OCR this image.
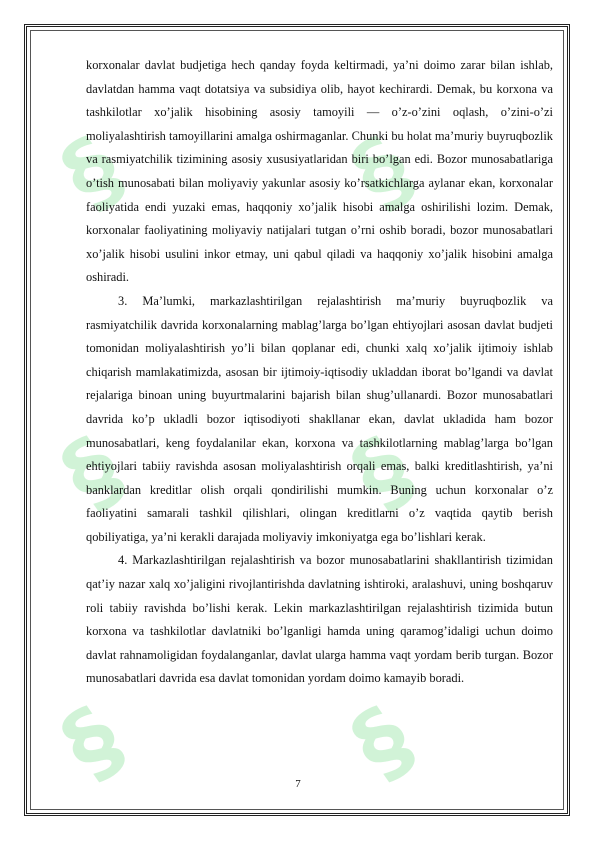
§ §
§ §
§ §

korxonalar davlat budjetiga hech qanday foyda keltirmadi, ya’ni doimo zarar bilan ishlab, davlatdan hamma vaqt dotatsiya va subsidiya olib, hayot kechirardi. Demak, bu korxona va tashkilotlar xo’jalik hisobining asosiy tamoyili — o’z-o’zini oqlash, o’zini-o’zi moliyalashtirish tamoyillarini amalga oshirmaganlar. Chunki bu holat ma’muriy buyruqbozlik va rasmiyatchilik tizimining asosiy xususiyatlaridan biri bo’lgan edi. Bozor munosabatlariga o’tish munosabati bilan moliyaviy yakunlar asosiy ko’rsatkichlarga aylanar ekan, korxonalar faoliyatida endi yuzaki emas, haqqoniy xo’jalik hisobi amalga oshirilishi lozim. Demak, korxonalar faoliyatining moliyaviy natijalari tutgan o’rni oshib boradi, bozor munosabatlari xo’jalik hisobi usulini inkor etmay, uni qabul qiladi va haqqoniy xo’jalik hisobini amalga oshiradi.

3. Ma’lumki, markazlashtirilgan rejalashtirish ma’muriy buyruqbozlik va rasmiyatchilik davrida korxonalarning mablag’larga bo’lgan ehtiyojlari asosan davlat budjeti tomonidan moliyalashtirish yo’li bilan qoplanar edi, chunki xalq xo’jalik ijtimoiy ishlab chiqarish mamlakatimizda, asosan bir ijtimoiy-iqtisodiy ukladdan iborat bo’lgandi va davlat rejalariga binoan uning buyurtmalarini bajarish bilan shug’ullanardi. Bozor munosabatlari davrida ko’p ukladli bozor iqtisodiyoti shakllanar ekan, davlat ukladida ham bozor munosabatlari, keng foydalanilar ekan, korxona va tashkilotlarning mablag’larga bo’lgan ehtiyojlari tabiiy ravishda asosan moliyalashtirish orqali emas, balki kreditlashtirish, ya’ni banklardan kreditlar olish orqali qondirilishi mumkin. Buning uchun korxonalar o’z faoliyatini samarali tashkil qilishlari, olingan kreditlarni o’z vaqtida qaytib berish qobiliyatiga, ya’ni kerakli darajada moliyaviy imkoniyatga ega bo’lishlari kerak.

4. Markazlashtirilgan rejalashtirish va bozor munosabatlarini shakllantirish tizimidan qat’iy nazar xalq xo’jaligini rivojlantirishda davlatning ishtiroki, aralashuvi, uning boshqaruv roli tabiiy ravishda bo’lishi kerak. Lekin markazlashtirilgan rejalashtirish tizimida butun korxona va tashkilotlar davlatniki bo’lganligi hamda uning qaramog’idaligi uchun doimo davlat rahnamoligidan foydalanganlar, davlat ularga hamma vaqt yordam berib turgan. Bozor munosabatlari davrida esa davlat tomonidan yordam doimo kamayib boradi.

7
